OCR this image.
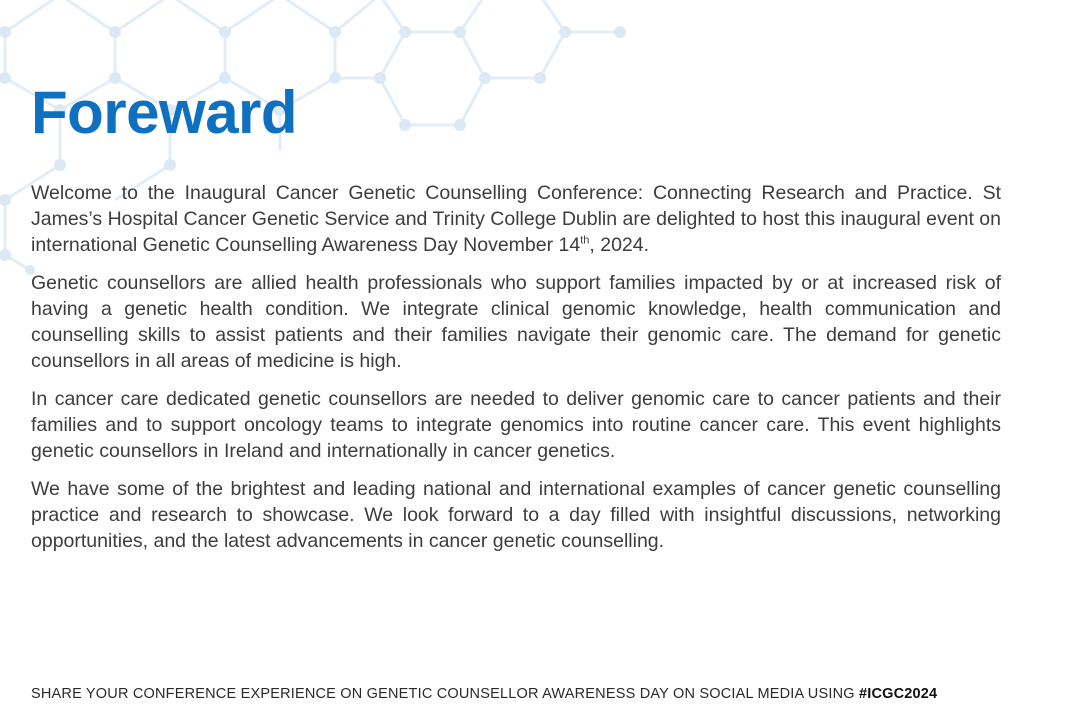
Foreward

Welcome to the Inaugural Cancer Genetic Counselling Conference: Connecting Research and Practice. St James’s Hospital Cancer Genetic Service and Trinity College Dublin are delighted to host this inaugural event on international Genetic Counselling Awareness Day November 14th, 2024.

Genetic counsellors are allied health professionals who support families impacted by or at increased risk of having a genetic health condition. We integrate clinical genomic knowledge, health communication and counselling skills to assist patients and their families navigate their genomic care. The demand for genetic counsellors in all areas of medicine is high.

In cancer care dedicated genetic counsellors are needed to deliver genomic care to cancer patients and their families and to support oncology teams to integrate genomics into routine cancer care. This event highlights genetic counsellors in Ireland and internationally in cancer genetics.

We have some of the brightest and leading national and international examples of cancer genetic counselling practice and research to showcase. We look forward to a day filled with insightful discussions, networking opportunities, and the latest advancements in cancer genetic counselling.

SHARE YOUR CONFERENCE EXPERIENCE ON GENETIC COUNSELLOR AWARENESS DAY ON SOCIAL MEDIA USING #ICGC2024
